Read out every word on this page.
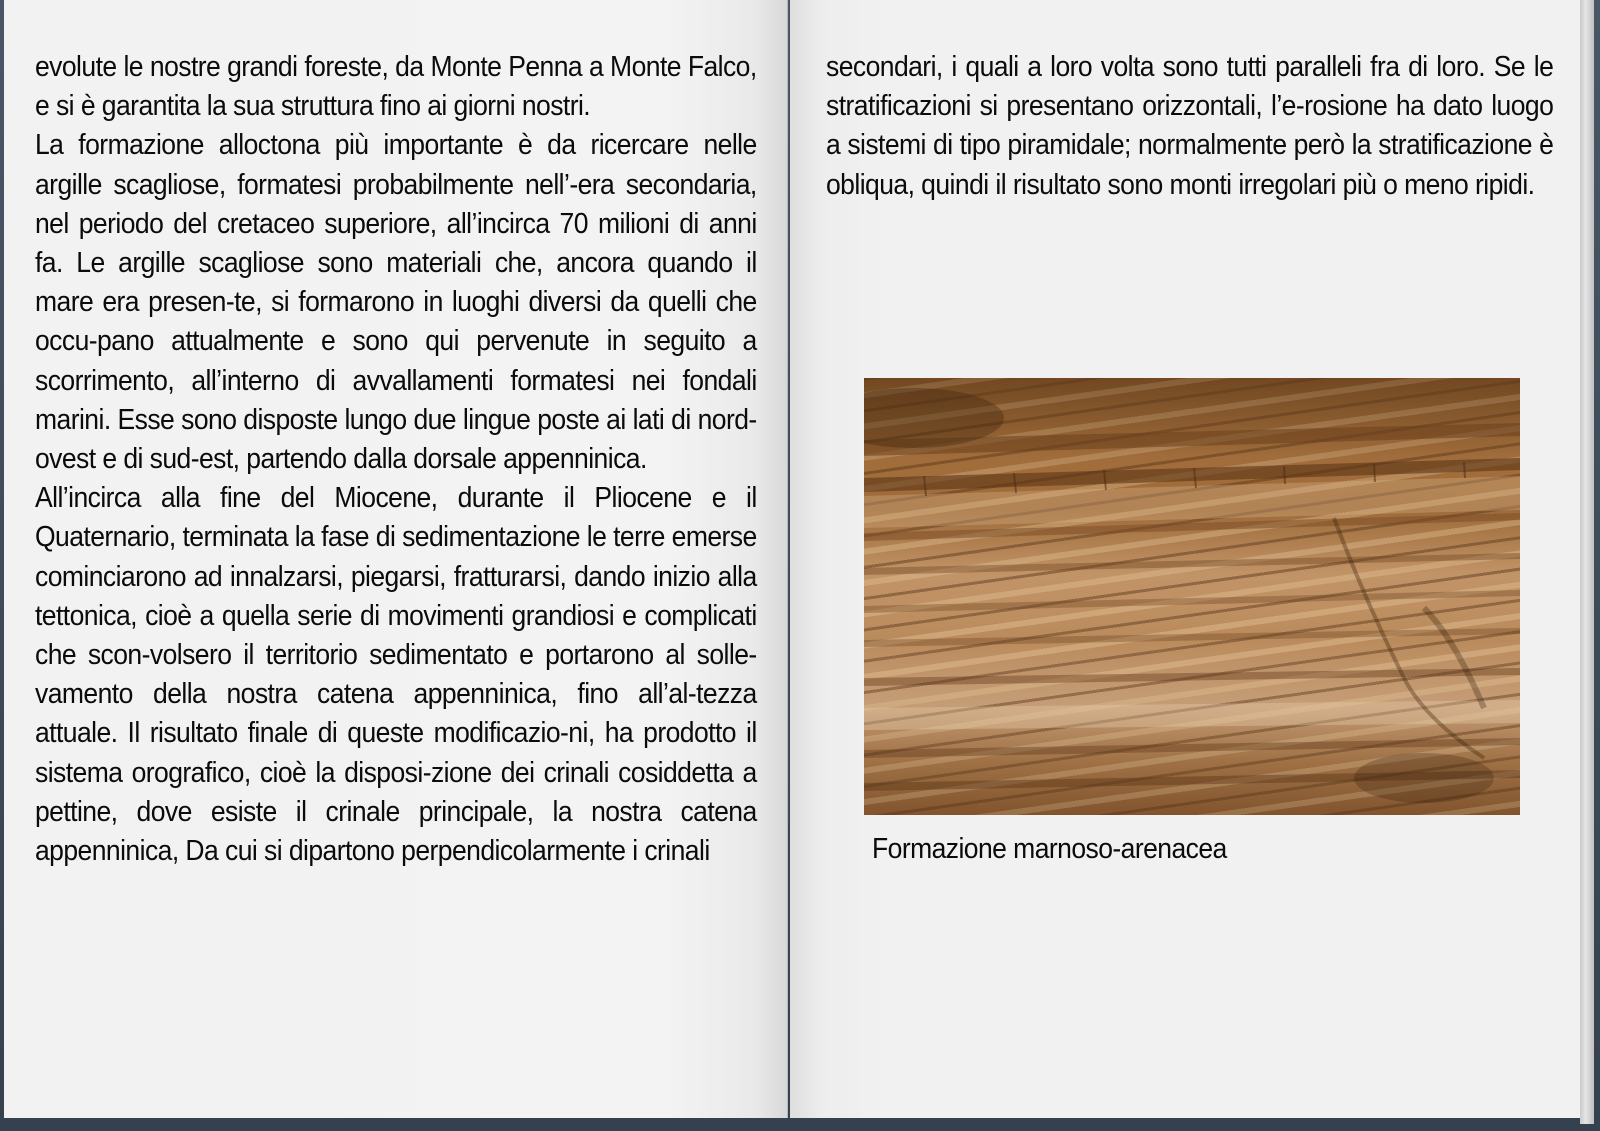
evolute le nostre grandi foreste, da Monte Penna a Monte Falco, e si è garantita la sua struttura fino ai giorni nostri.

La formazione alloctona più importante è da ricercare nelle argille scagliose, formatesi probabilmente nell’-era secondaria, nel periodo del cretaceo superiore, all’incirca 70 milioni di anni fa. Le argille scagliose sono materiali che, ancora quando il mare era presen-te, si formarono in luoghi diversi da quelli che occu-pano attualmente e sono qui pervenute in seguito a scorrimento, all’interno di avvallamenti formatesi nei fondali marini. Esse sono disposte lungo due lingue poste ai lati di nord-ovest e di sud-est, partendo dalla dorsale appenninica.

All’incirca alla fine del Miocene, durante il Pliocene e il Quaternario, terminata la fase di sedimentazione le terre emerse cominciarono ad innalzarsi, piegarsi, fratturarsi, dando inizio alla tettonica, cioè a quella serie di movimenti grandiosi e complicati che scon-volsero il territorio sedimentato e portarono al solle-vamento della nostra catena appenninica, fino all’al-tezza attuale. Il risultato finale di queste modificazio-ni, ha prodotto il sistema orografico, cioè la disposi-zione dei crinali cosiddetta a pettine, dove esiste il crinale principale, la nostra catena appenninica, Da cui si dipartono perpendicolarmente i crinali

secondari, i quali a loro volta sono tutti paralleli fra di loro. Se le stratificazioni si presentano orizzontali, l’e-rosione ha dato luogo a sistemi di tipo piramidale; normalmente però la stratificazione è obliqua, quindi il risultato sono monti irregolari più o meno ripidi.

Formazione marnoso-arenacea
